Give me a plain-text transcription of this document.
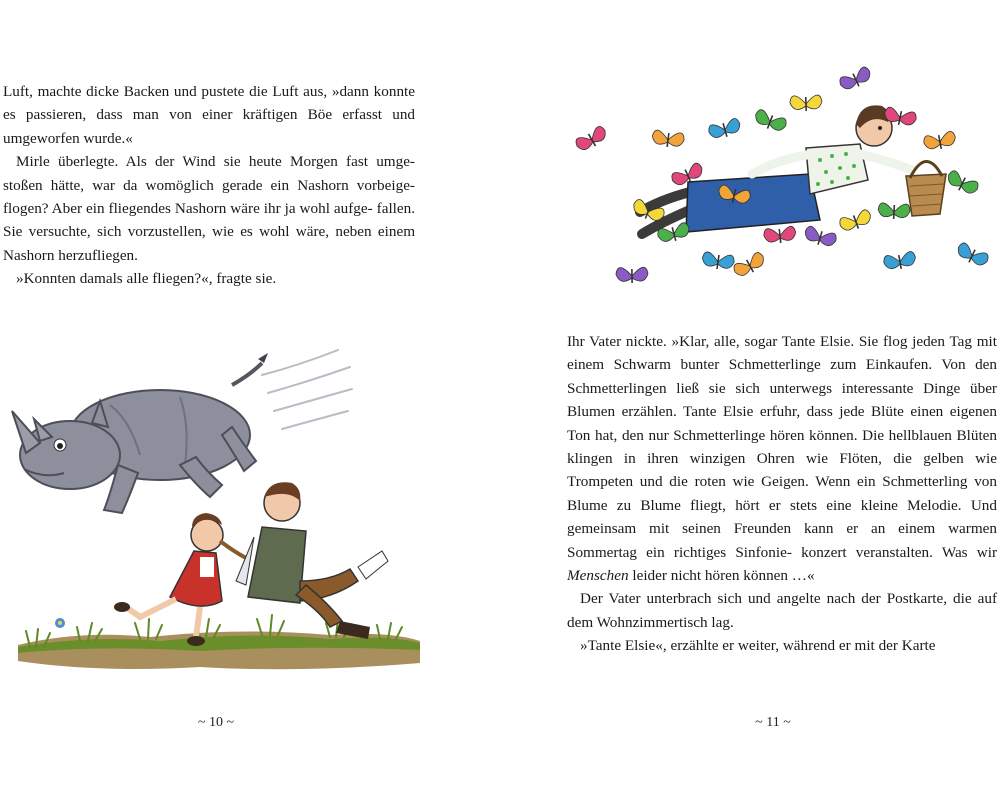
Luft, machte dicke Backen und pustete die Luft aus, »dann konnte es passieren, dass man von einer kräftigen Böe erfasst und umgeworfen wurde.«

Mirle überlegte. Als der Wind sie heute Morgen fast umge- stoßen hätte, war da womöglich gerade ein Nashorn vorbeige- flogen? Aber ein fliegendes Nashorn wäre ihr ja wohl aufge- fallen. Sie versuchte, sich vorzustellen, wie es wohl wäre, neben einem Nashorn herzufliegen.

»Konnten damals alle fliegen?«, fragte sie.

~ 10 ~

Ihr Vater nickte. »Klar, alle, sogar Tante Elsie. Sie flog jeden Tag mit einem Schwarm bunter Schmetterlinge zum Einkaufen. Von den Schmetterlingen ließ sie sich unterwegs interessante Dinge über Blumen erzählen. Tante Elsie erfuhr, dass jede Blüte einen eigenen Ton hat, den nur Schmetterlinge hören können. Die hellblauen Blüten klingen in ihren winzigen Ohren wie Flöten, die gelben wie Trompeten und die roten wie Geigen. Wenn ein Schmetterling von Blume zu Blume fliegt, hört er stets eine kleine Melodie. Und gemeinsam mit seinen Freunden kann er an einem warmen Sommertag ein richtiges Sinfonie- konzert veranstalten. Was wir Menschen leider nicht hören können …«

Der Vater unterbrach sich und angelte nach der Postkarte, die auf dem Wohnzimmertisch lag.

»Tante Elsie«, erzählte er weiter, während er mit der Karte

~ 11 ~
